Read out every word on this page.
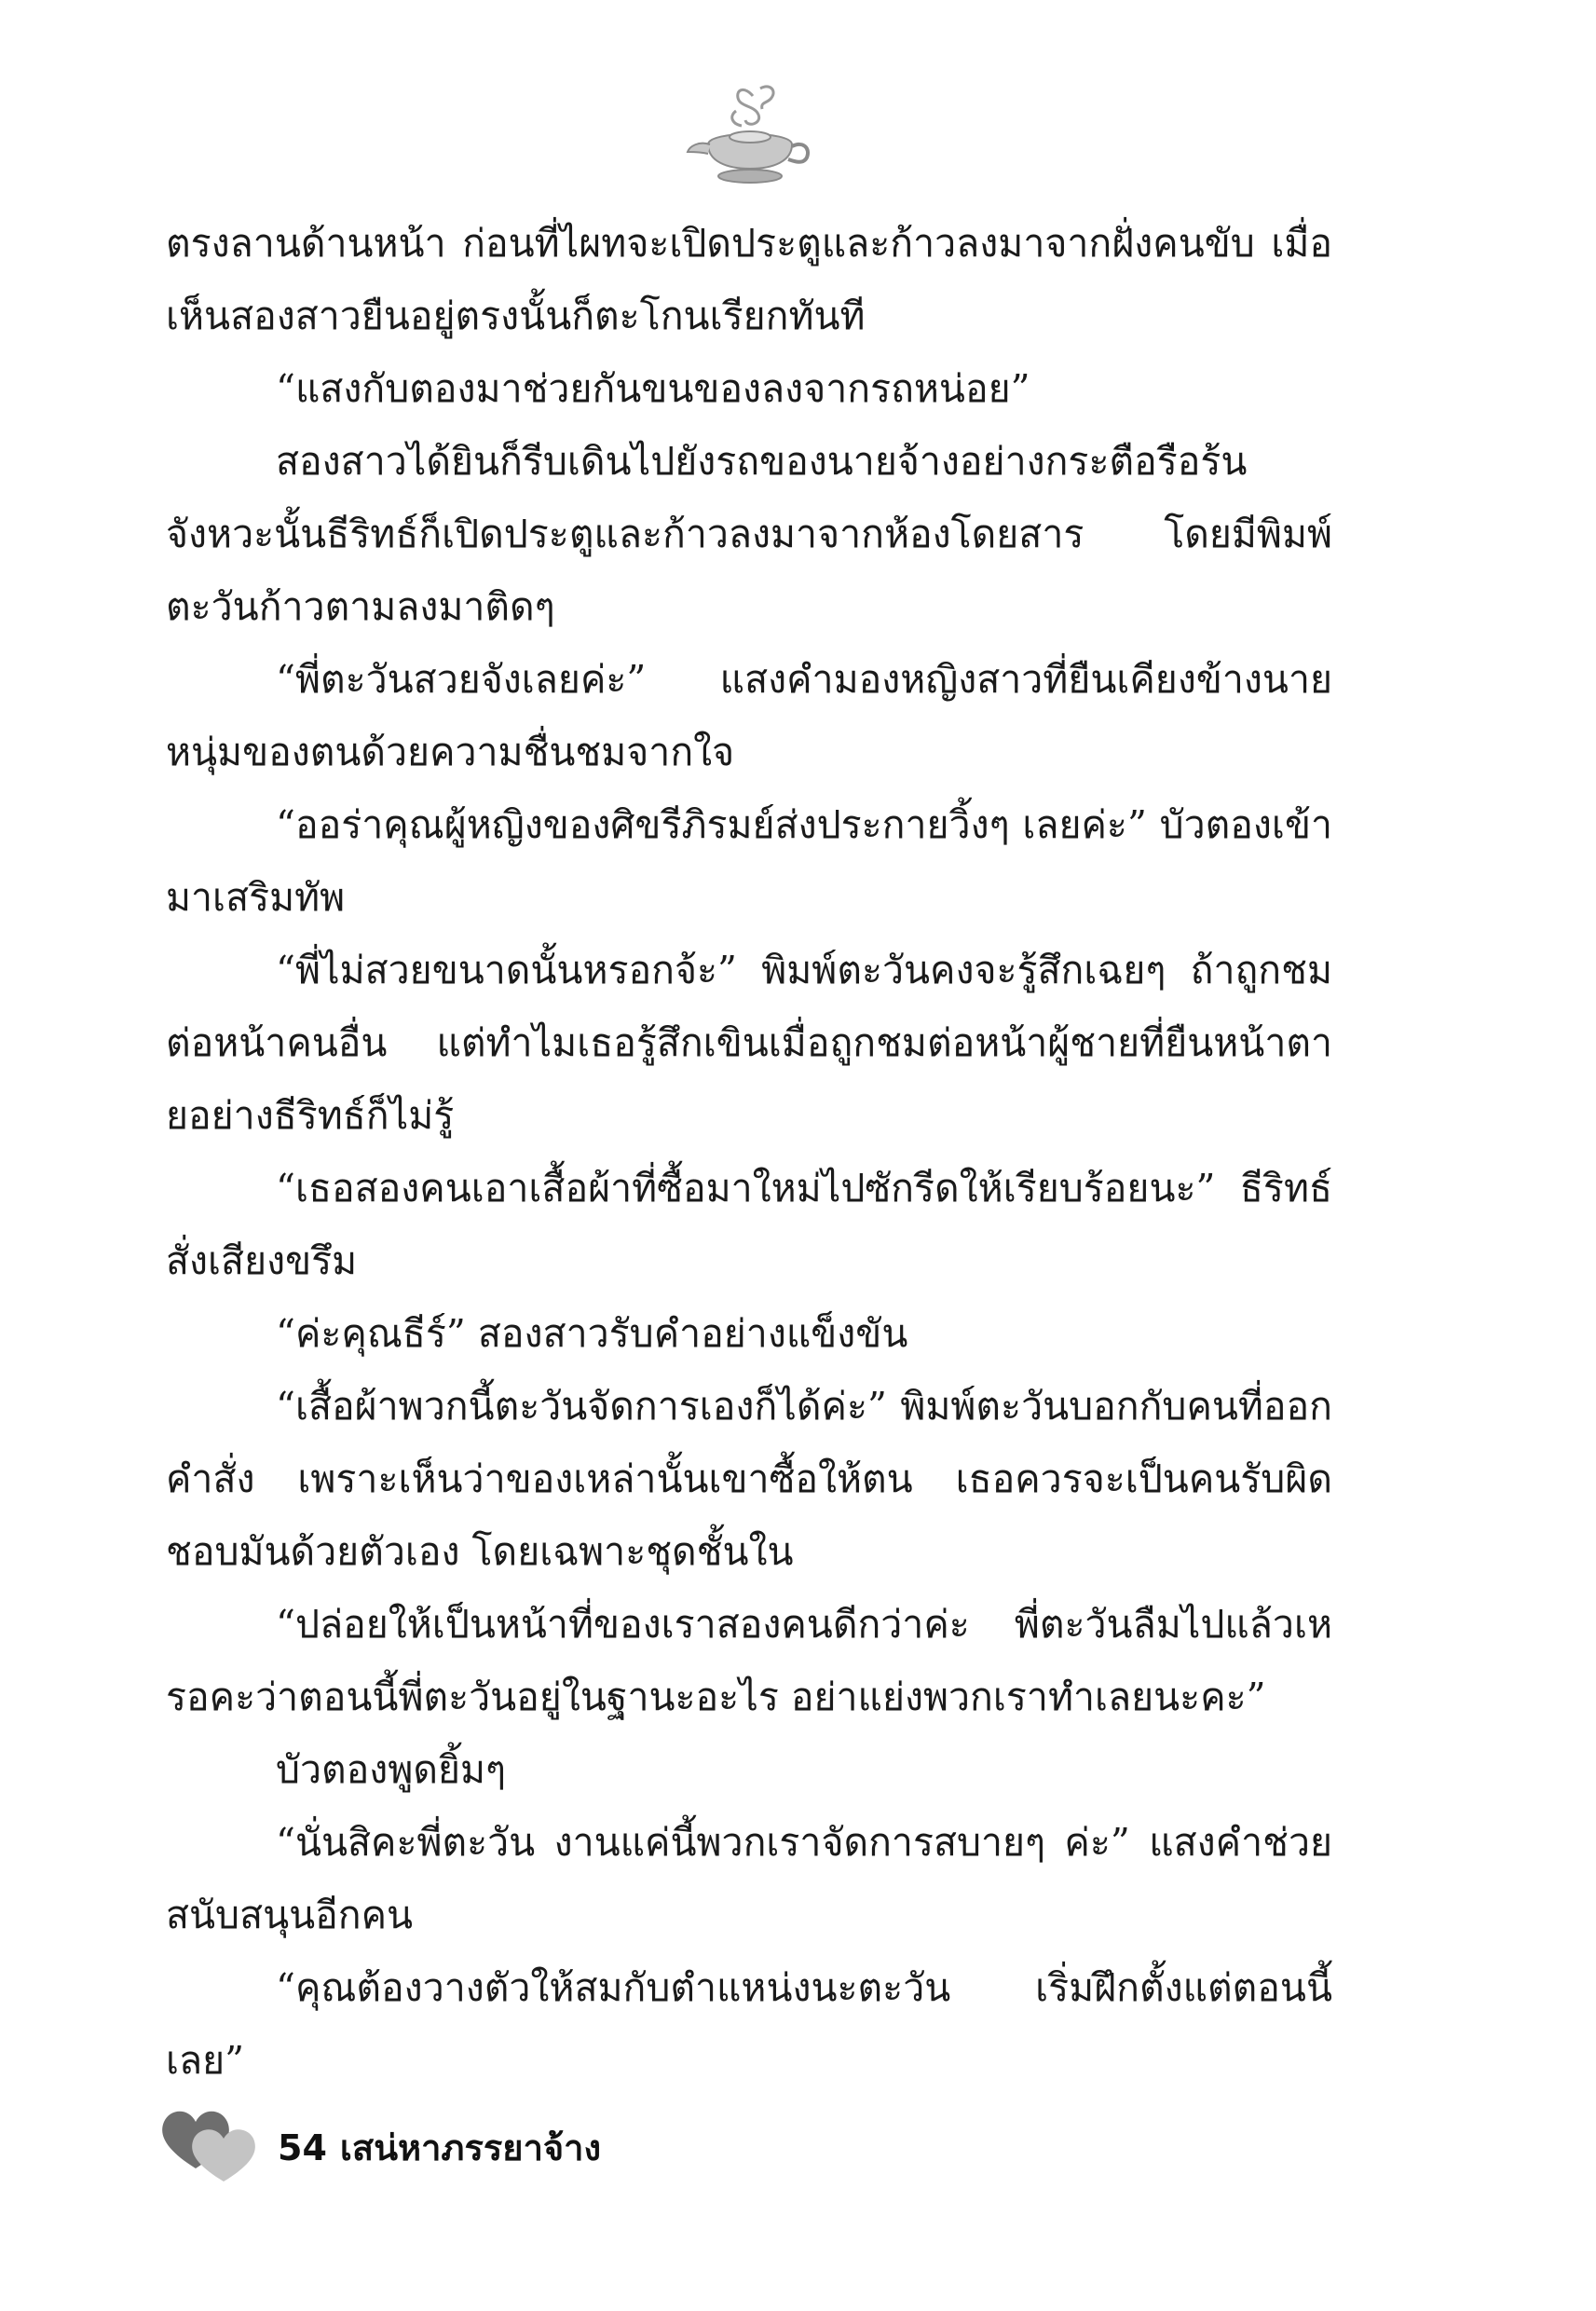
ตรงลานด้านหน้า ก่อนที่ไผทจะเปิดประตูและก้าวลงมาจากฝั่งคนขับ เมื่อเห็นสองสาวยืนอยู่ตรงนั้นก็ตะโกนเรียกทันที

“แสงกับตองมาช่วยกันขนของลงจากรถหน่อย”

สองสาวได้ยินก็รีบเดินไปยังรถของนายจ้างอย่างกระตือรือร้น จังหวะนั้นธีริทธ์ก็เปิดประตูและก้าวลงมาจากห้องโดยสาร โดยมีพิมพ์ตะวันก้าวตามลงมาติดๆ

“พี่ตะวันสวยจังเลยค่ะ” แสงคำมองหญิงสาวที่ยืนเคียงข้างนายหนุ่มของตนด้วยความชื่นชมจากใจ

“ออร่าคุณผู้หญิงของศิขรีภิรมย์ส่งประกายวิ้งๆ เลยค่ะ” บัวตองเข้ามาเสริมทัพ

“พี่ไม่สวยขนาดนั้นหรอกจ้ะ” พิมพ์ตะวันคงจะรู้สึกเฉยๆ ถ้าถูกชมต่อหน้าคนอื่น แต่ทำไมเธอรู้สึกเขินเมื่อถูกชมต่อหน้าผู้ชายที่ยืนหน้าตายอย่างธีริทธ์ก็ไม่รู้

“เธอสองคนเอาเสื้อผ้าที่ซื้อมาใหม่ไปซักรีดให้เรียบร้อยนะ” ธีริทธ์สั่งเสียงขรึม

“ค่ะคุณธีร์” สองสาวรับคำอย่างแข็งขัน

“เสื้อผ้าพวกนี้ตะวันจัดการเองก็ได้ค่ะ” พิมพ์ตะวันบอกกับคนที่ออกคำสั่ง เพราะเห็นว่าของเหล่านั้นเขาซื้อให้ตน เธอควรจะเป็นคนรับผิดชอบมันด้วยตัวเอง โดยเฉพาะชุดชั้นใน

“ปล่อยให้เป็นหน้าที่ของเราสองคนดีกว่าค่ะ พี่ตะวันลืมไปแล้วเหรอคะว่าตอนนี้พี่ตะวันอยู่ในฐานะอะไร อย่าแย่งพวกเราทำเลยนะคะ”

บัวตองพูดยิ้มๆ

“นั่นสิคะพี่ตะวัน งานแค่นี้พวกเราจัดการสบายๆ ค่ะ” แสงคำช่วยสนับสนุนอีกคน

“คุณต้องวางตัวให้สมกับตำแหน่งนะตะวัน เริ่มฝึกตั้งแต่ตอนนี้เลย”

54 เสน่หาภรรยาจ้าง
